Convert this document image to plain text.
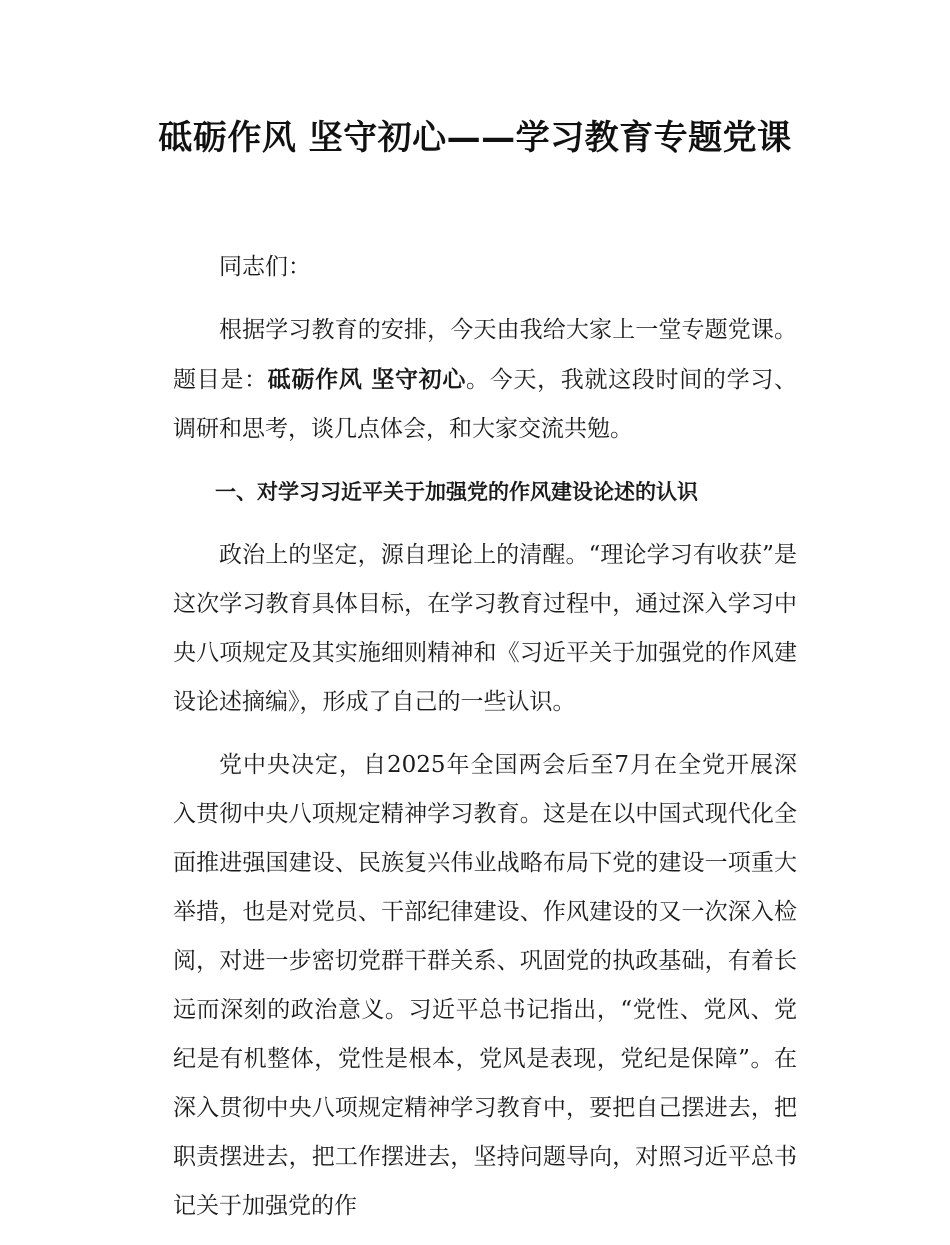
砥砺作风 坚守初心——学习教育专题党课

同志们：

根据学习教育的安排，今天由我给大家上一堂专题党课。题目是：砥砺作风 坚守初心。今天，我就这段时间的学习、调研和思考，谈几点体会，和大家交流共勉。

一、对学习习近平关于加强党的作风建设论述的认识

政治上的坚定，源自理论上的清醒。“理论学习有收获”是这次学习教育具体目标，在学习教育过程中，通过深入学习中央八项规定及其实施细则精神和《习近平关于加强党的作风建设论述摘编》，形成了自己的一些认识。

党中央决定，自2025年全国两会后至7月在全党开展深入贯彻中央八项规定精神学习教育。这是在以中国式现代化全面推进强国建设、民族复兴伟业战略布局下党的建设一项重大举措，也是对党员、干部纪律建设、作风建设的又一次深入检阅，对进一步密切党群干群关系、巩固党的执政基础，有着长远而深刻的政治意义。习近平总书记指出，“党性、党风、党纪是有机整体，党性是根本，党风是表现，党纪是保障”。在深入贯彻中央八项规定精神学习教育中，要把自己摆进去，把职责摆进去，把工作摆进去，坚持问题导向，对照习近平总书记关于加强党的作
